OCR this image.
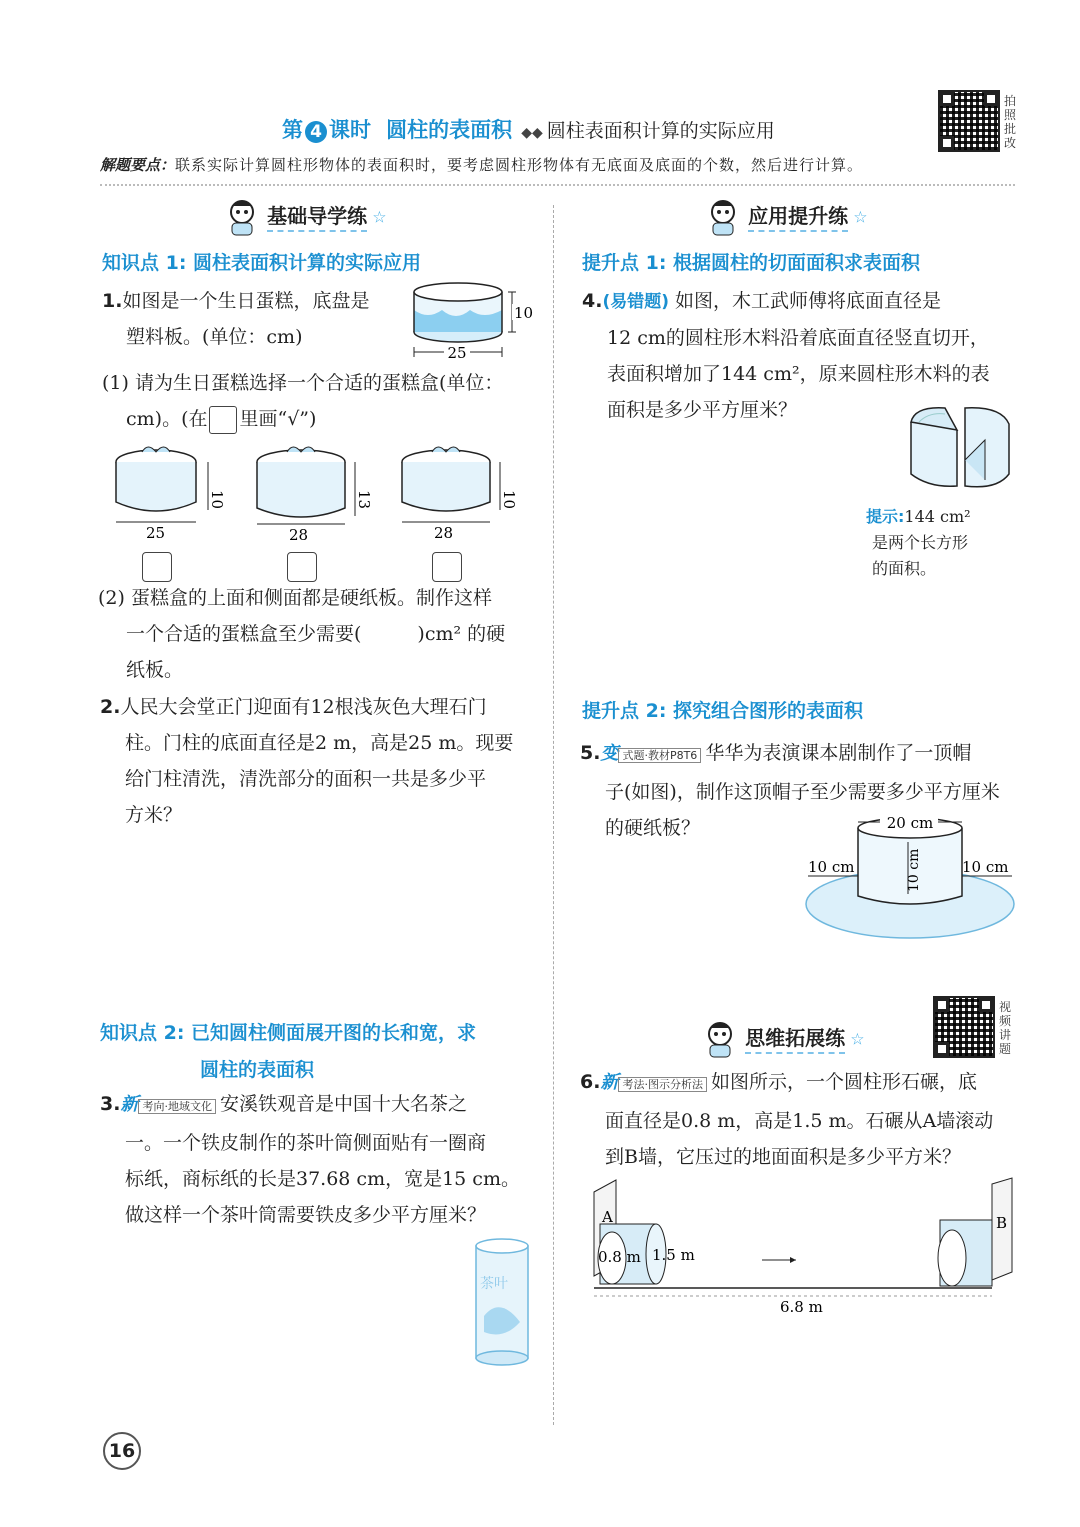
第 4 课时 圆柱的表面积 ◆◆ 圆柱表面积计算的实际应用
拍照批改
解题要点：联系实际计算圆柱形物体的表面积时，要考虑圆柱形物体有无底面及底面的个数，然后进行计算。
基础导学练 ☆
知识点 1: 圆柱表面积计算的实际应用
1.如图是一个生日蛋糕，底盘是
塑料板。(单位：cm)
25
10
(1) 请为生日蛋糕选择一个合适的蛋糕盒(单位：
cm)。(在 里画“√”)
25
10
28
13
28
10
(2) 蛋糕盒的上面和侧面都是硬纸板。制作这样
一个合适的蛋糕盒至少需要(	)cm² 的硬
纸板。
2.人民大会堂正门迎面有12根浅灰色大理石门
柱。门柱的底面直径是2 m，高是25 m。现要
给门柱清洗，清洗部分的面积一共是多少平
方米？
知识点 2: 已知圆柱侧面展开图的长和宽，求
圆柱的表面积
3.新 考向·地域文化 安溪铁观音是中国十大名茶之
一。一个铁皮制作的茶叶筒侧面贴有一圈商
标纸，商标纸的长是37.68 cm，宽是15 cm。
做这样一个茶叶筒需要铁皮多少平方厘米？
茶叶
16
应用提升练 ☆
提升点 1: 根据圆柱的切面面积求表面积
4.(易错题) 如图，木工武师傅将底面直径是
12 cm的圆柱形木料沿着底面直径竖直切开，
表面积增加了144 cm²，原来圆柱形木料的表
面积是多少平方厘米？
提示:144 cm²
是两个长方形
的面积。
提升点 2: 探究组合图形的表面积
5.变 式题·教材P8T6 华华为表演课本剧制作了一顶帽
子(如图)，制作这顶帽子至少需要多少平方厘米
的硬纸板？	20 cm
10 cm	10 cm
10 cm
思维拓展练 ☆
视频讲题
6.新 考法·图示分析法 如图所示，一个圆柱形石碾，底
面直径是0.8 m，高是1.5 m。石碾从A墙滚动
到B墙，它压过的地面面积是多少平方米？
A	B
0.8 m 1.5 m
6.8 m
